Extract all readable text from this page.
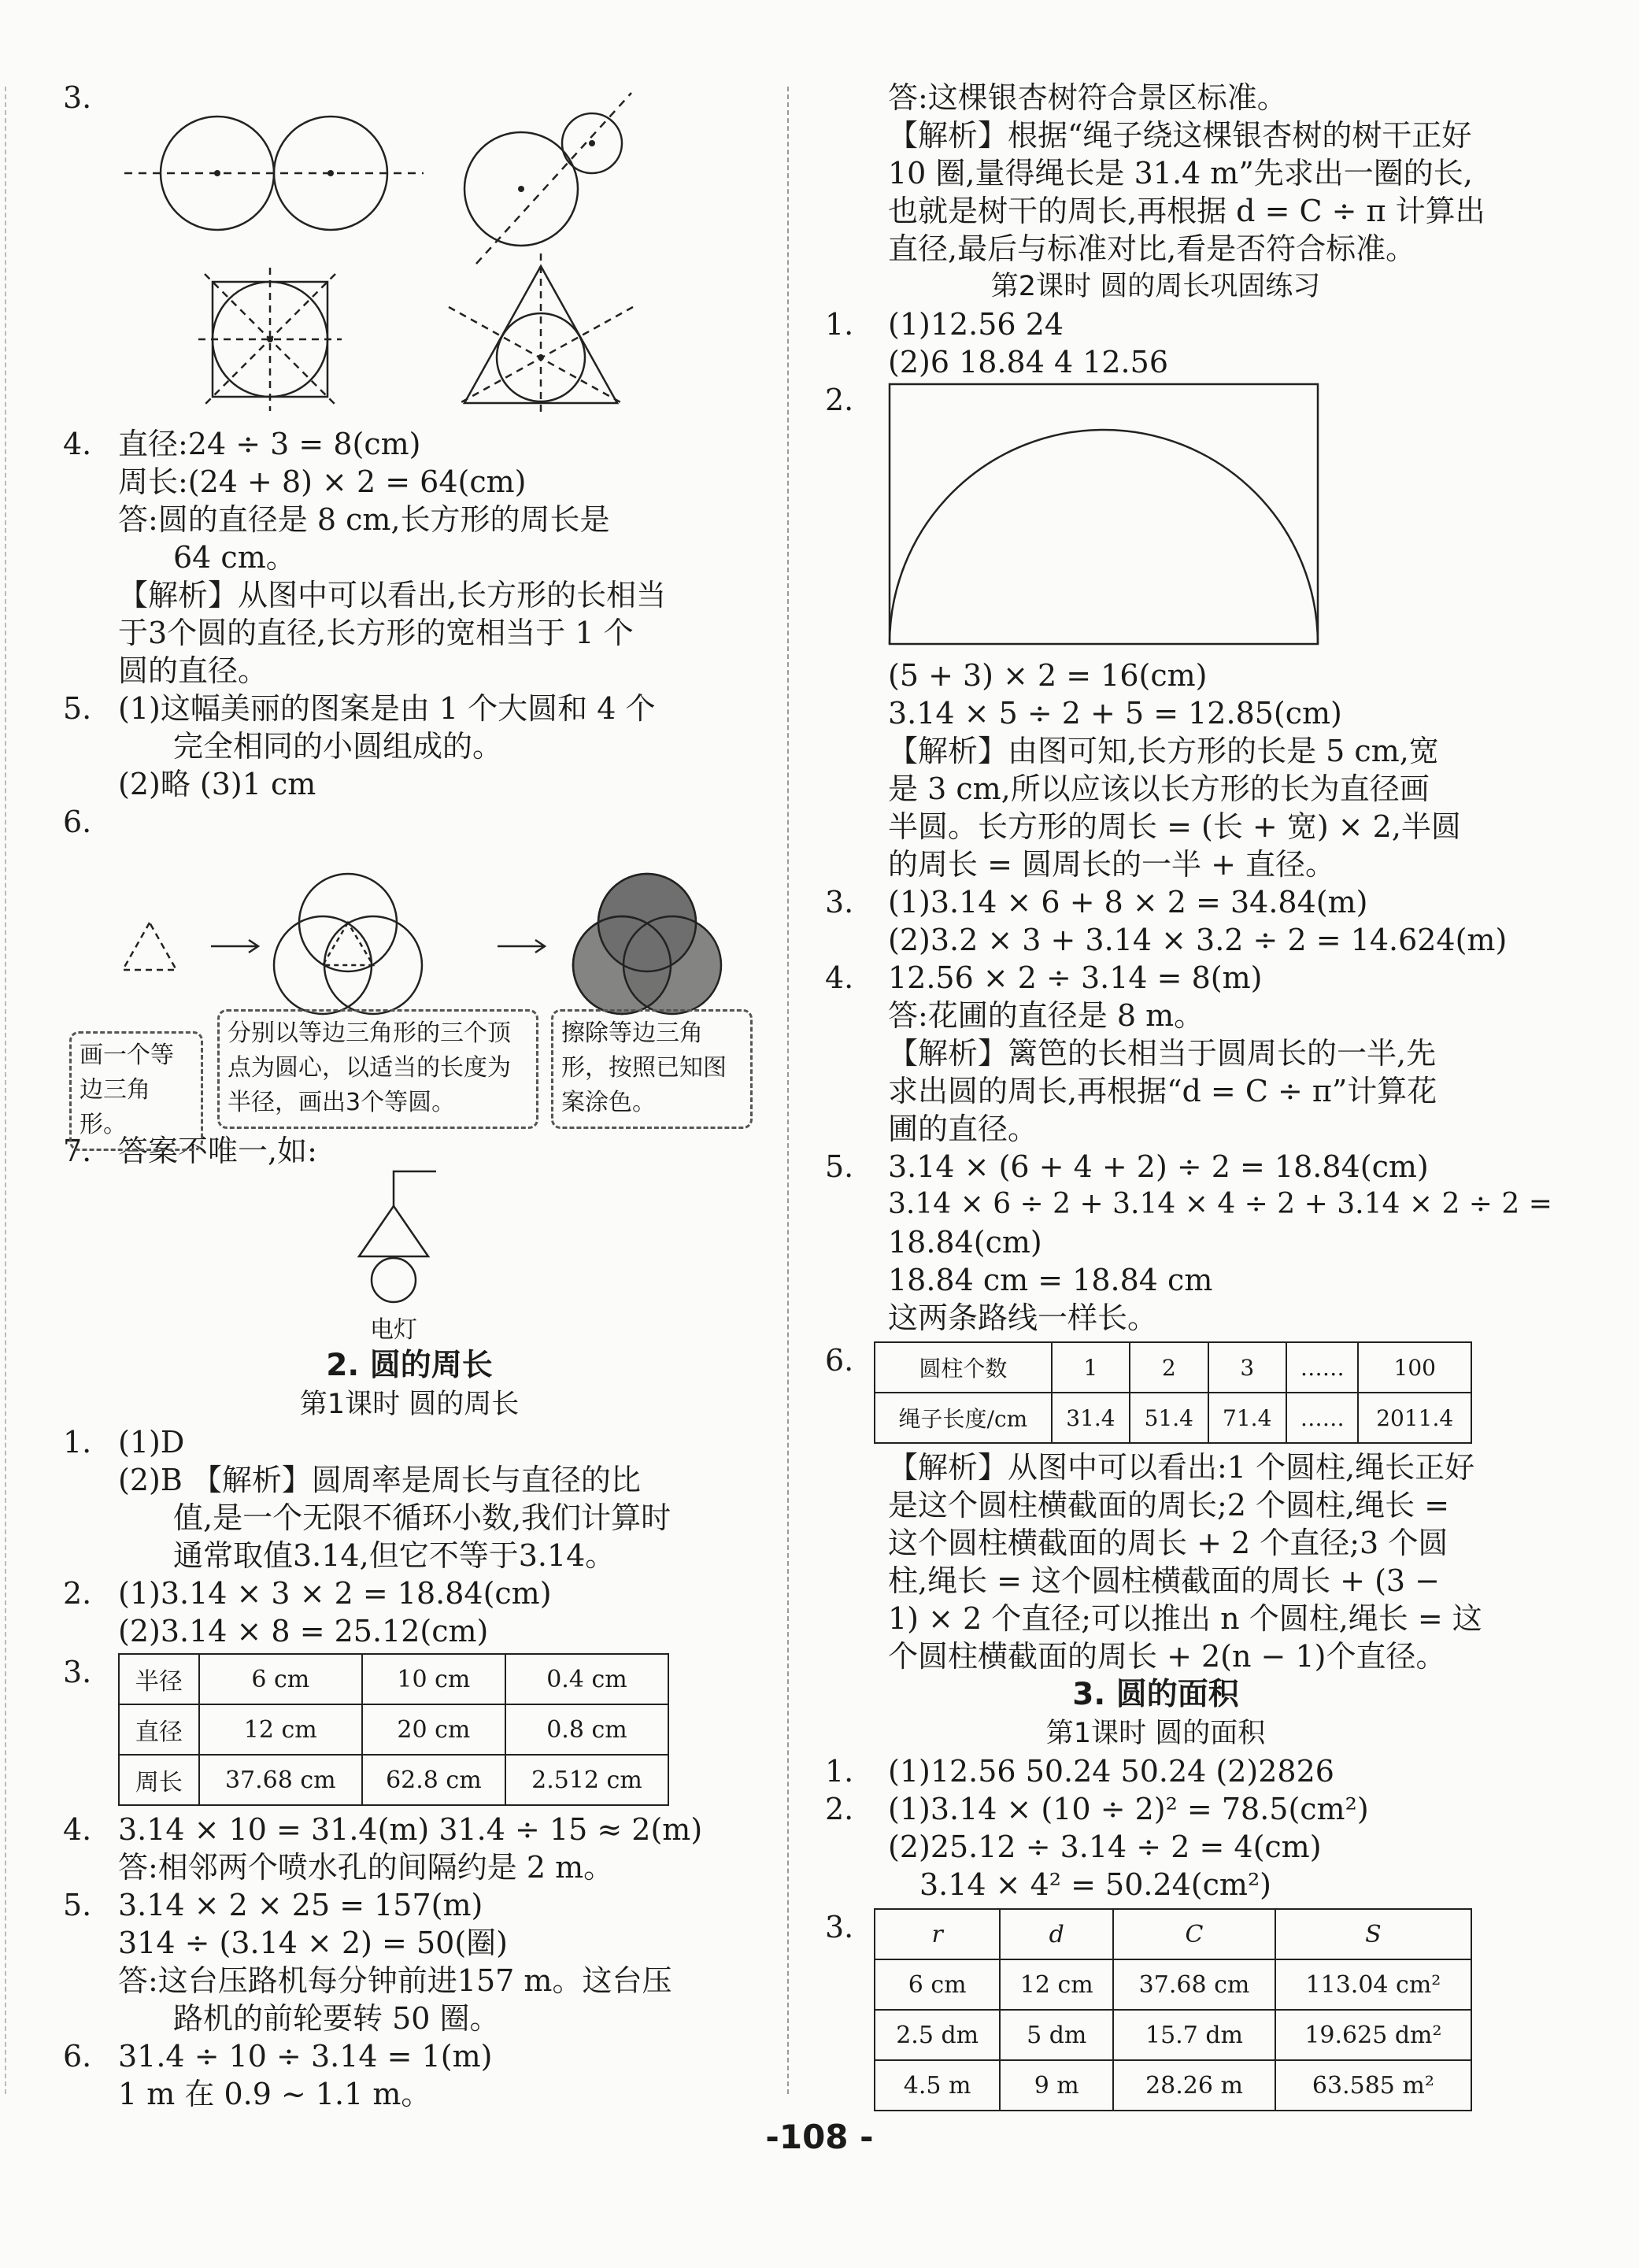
3.
4. 直径:24 ÷ 3 = 8(cm)
周长:(24 + 8) × 2 = 64(cm)
答:圆的直径是 8 cm,长方形的周长是
64 cm。
【解析】从图中可以看出,长方形的长相当
于3个圆的直径,长方形的宽相当于 1 个
圆的直径。
5. (1)这幅美丽的图案是由 1 个大圆和 4 个
完全相同的小圆组成的。
(2)略 (3)1 cm
6.
画一个等边三角形。
分别以等边三角形的三个顶点为圆心，以适当的长度为半径，画出3个等圆。
擦除等边三角形，按照已知图案涂色。
7. 答案不唯一,如:
电灯
2. 圆的周长
第1课时 圆的周长
1. (1)D
(2)B 【解析】圆周率是周长与直径的比
值,是一个无限不循环小数,我们计算时
通常取值3.14,但它不等于3.14。
2. (1)3.14 × 3 × 2 = 18.84(cm)
(2)3.14 × 8 = 25.12(cm)
3.	半径	6 cm	10 cm	0.4 cm
直径	12 cm	20 cm	0.8 cm
周长	37.68 cm	62.8 cm	2.512 cm
4. 3.14 × 10 = 31.4(m) 31.4 ÷ 15 ≈ 2(m)
答:相邻两个喷水孔的间隔约是 2 m。
5. 3.14 × 2 × 25 = 157(m)
314 ÷ (3.14 × 2) = 50(圈)
答:这台压路机每分钟前进157 m。这台压
路机的前轮要转 50 圈。
6. 31.4 ÷ 10 ÷ 3.14 = 1(m)
1 m 在 0.9 ~ 1.1 m。
答:这棵银杏树符合景区标准。
【解析】根据“绳子绕这棵银杏树的树干正好
10 圈,量得绳长是 31.4 m”先求出一圈的长,
也就是树干的周长,再根据 d = C ÷ π 计算出
直径,最后与标准对比,看是否符合标准。
第2课时 圆的周长巩固练习
1. (1)12.56 24
(2)6 18.84 4 12.56
2.
(5 + 3) × 2 = 16(cm)
3.14 × 5 ÷ 2 + 5 = 12.85(cm)
【解析】由图可知,长方形的长是 5 cm,宽
是 3 cm,所以应该以长方形的长为直径画
半圆。长方形的周长 = (长 + 宽) × 2,半圆
的周长 = 圆周长的一半 + 直径。
3. (1)3.14 × 6 + 8 × 2 = 34.84(m)
(2)3.2 × 3 + 3.14 × 3.2 ÷ 2 = 14.624(m)
4. 12.56 × 2 ÷ 3.14 = 8(m)
答:花圃的直径是 8 m。
【解析】篱笆的长相当于圆周长的一半,先
求出圆的周长,再根据“d = C ÷ π”计算花
圃的直径。
5. 3.14 × (6 + 4 + 2) ÷ 2 = 18.84(cm)
3.14 × 6 ÷ 2 + 3.14 × 4 ÷ 2 + 3.14 × 2 ÷ 2 =
18.84(cm)
18.84 cm = 18.84 cm
这两条路线一样长。
6.	圆柱个数	1	2	3	……	100
绳子长度/cm	31.4	51.4	71.4	……	2011.4
【解析】从图中可以看出:1 个圆柱,绳长正好
是这个圆柱横截面的周长;2 个圆柱,绳长 =
这个圆柱横截面的周长 + 2 个直径;3 个圆
柱,绳长 = 这个圆柱横截面的周长 + (3 −
1) × 2 个直径;可以推出 n 个圆柱,绳长 = 这
个圆柱横截面的周长 + 2(n − 1)个直径。
3. 圆的面积
第1课时 圆的面积
1. (1)12.56 50.24 50.24 (2)2826
2. (1)3.14 × (10 ÷ 2)² = 78.5(cm²)
(2)25.12 ÷ 3.14 ÷ 2 = 4(cm)
3.14 × 4² = 50.24(cm²)
3.	r	d	C	S
6 cm	12 cm	37.68 cm	113.04 cm²
2.5 dm	5 dm	15.7 dm	19.625 dm²
4.5 m	9 m	28.26 m	63.585 m²
-108 -
